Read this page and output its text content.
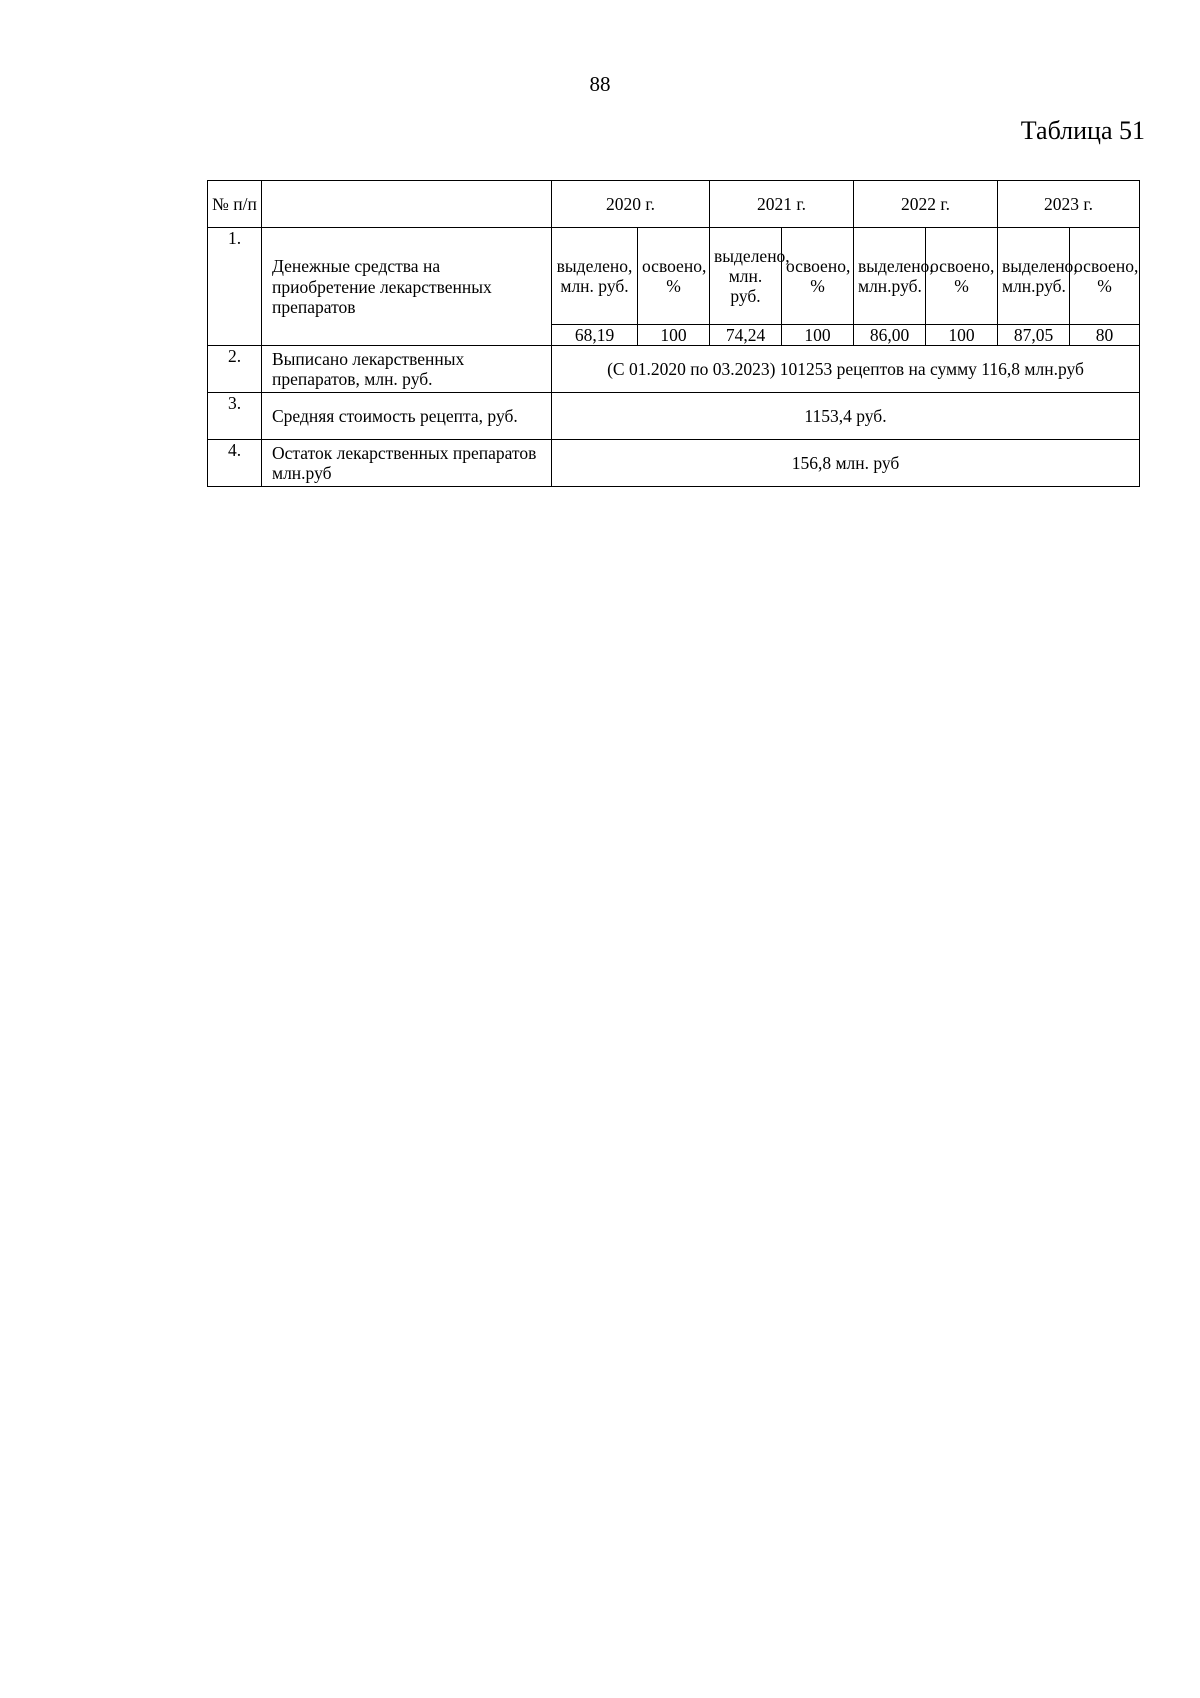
88
Таблица 51
№ п/п		2020 г.		2021 г.		2022 г.		2023 г.	
1.	Денежные средства на приобретение лекарственных препаратов	выделено, млн. руб.	освоено, %	выделено, млн. руб.	освоено, %	выделено, млн.руб.	освоено, %	выделено, млн.руб.	освоено, %
		68,19	100	74,24	100	86,00	100	87,05	80
2.	Выписано лекарственных препаратов, млн. руб.	(С 01.2020 по 03.2023) 101253 рецептов на сумму 116,8 млн.руб							
3.	Средняя стоимость рецепта, руб.	1153,4 руб.							
4.	Остаток лекарственных препаратов млн.руб	156,8 млн. руб							
